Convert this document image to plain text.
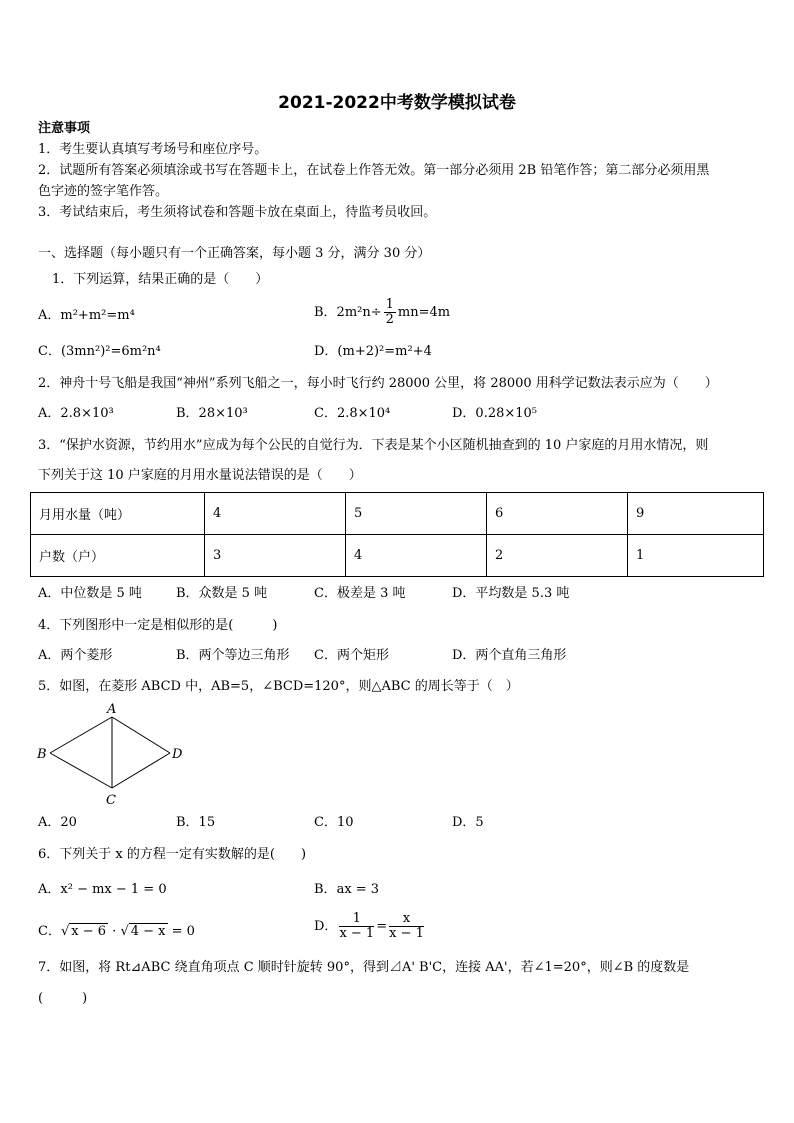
2021-2022中考数学模拟试卷
注意事项
1．考生要认真填写考场号和座位序号。
2．试题所有答案必须填涂或书写在答题卡上，在试卷上作答无效。第一部分必须用 2B 铅笔作答；第二部分必须用黑
色字迹的签字笔作答。
3．考试结束后，考生须将试卷和答题卡放在桌面上，待监考员收回。
一、选择题（每小题只有一个正确答案，每小题 3 分，满分 30 分）
1．下列运算，结果正确的是（　　）
A．m²+m²=m⁴	B．$2m^2n\div \frac{1}{2} mn=4m$
C．(3mn²)²=6m²n⁴	D．(m+2)²=m²+4
2．神舟十号飞船是我国“神州”系列飞船之一，每小时飞行约 28000 公里，将 28000 用科学记数法表示应为（　　）
A．2.8×10³	B．28×10³	C．2.8×10⁴	D．0.28×10⁵
3．“保护水资源，节约用水”应成为每个公民的自觉行为．下表是某个小区随机抽查到的 10 户家庭的月用水情况，则
下列关于这 10 户家庭的月用水量说法错误的是（　　）
月用水量（吨）	4	5	6	9
户数（户）	3	4	2	1
A．中位数是 5 吨	B．众数是 5 吨	C．极差是 3 吨	D．平均数是 5.3 吨
4．下列图形中一定是相似形的是(　　　)
A．两个菱形	B．两个等边三角形 C．两个矩形	D．两个直角三角形
5．如图，在菱形 ABCD 中，AB=5，∠BCD=120°，则△ABC 的周长等于（　）
A
B
C
D
A．20	B．15	C．10	D．5
6．下列关于 x 的方程一定有实数解的是(　　)
A．x² − mx − 1 = 0	B．ax = 3
C．√ x − 6 · √ 4 − x = 0	D． $\frac{1}{x - 1} = \frac{x}{x - 1}$
7．如图，将 Rt⊿ABC 绕直角项点 C 顺时针旋转 90°，得到⊿A' B'C，连接 AA'，若∠1=20°，则∠B 的度数是
(　　　)
